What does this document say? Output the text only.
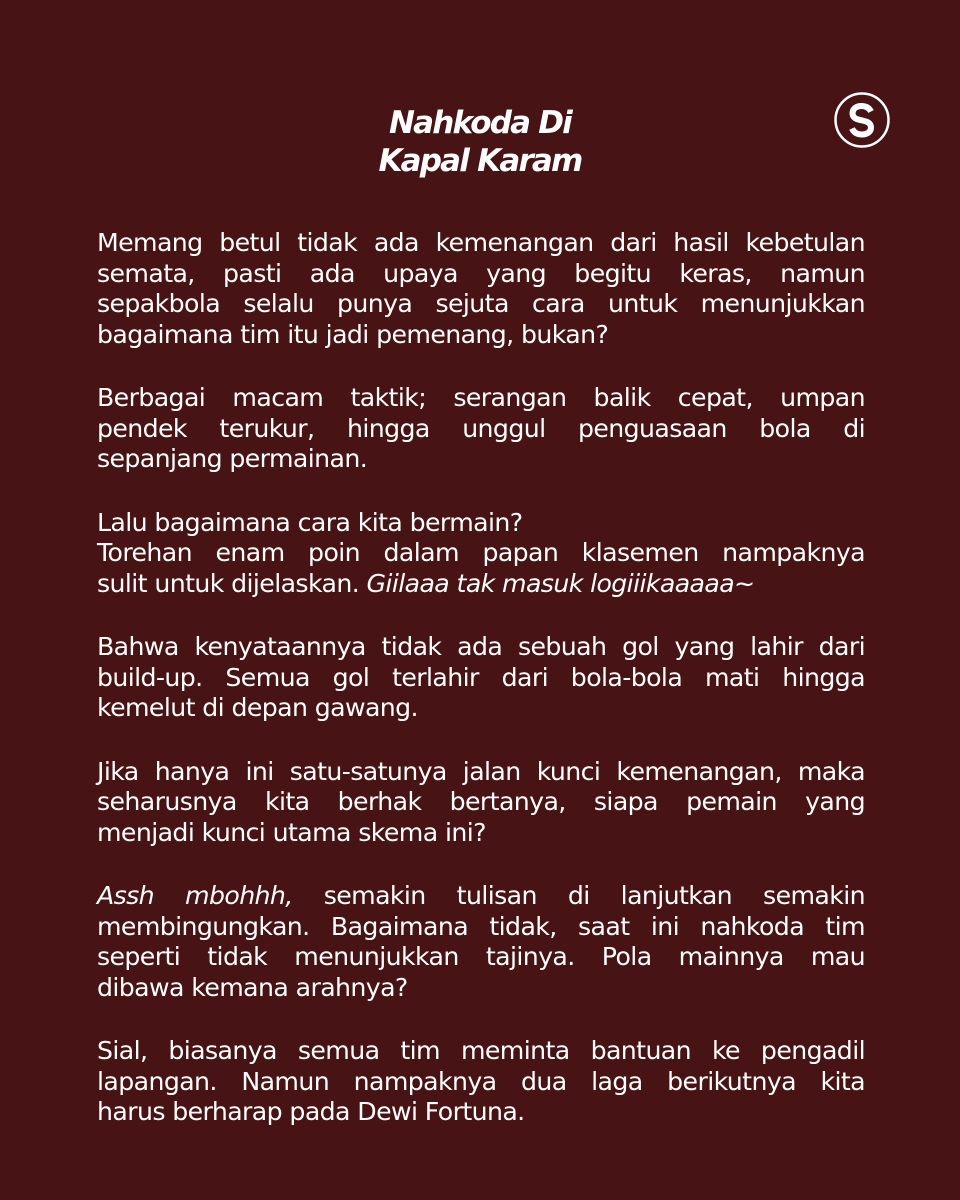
Nahkoda Di
Kapal Karam

Memang betul tidak ada kemenangan dari hasil kebetulan
semata, pasti ada upaya yang begitu keras, namun
sepakbola selalu punya sejuta cara untuk menunjukkan
bagaimana tim itu jadi pemenang, bukan?

Berbagai macam taktik; serangan balik cepat, umpan
pendek terukur, hingga unggul penguasaan bola di
sepanjang permainan.

Lalu bagaimana cara kita bermain?
Torehan enam poin dalam papan klasemen nampaknya
sulit untuk dijelaskan. Giilaaa tak masuk logiiikaaaaa~

Bahwa kenyataannya tidak ada sebuah gol yang lahir dari
build-up. Semua gol terlahir dari bola-bola mati hingga
kemelut di depan gawang.

Jika hanya ini satu-satunya jalan kunci kemenangan, maka
seharusnya kita berhak bertanya, siapa pemain yang
menjadi kunci utama skema ini?

Assh mbohhh, semakin tulisan di lanjutkan semakin
membingungkan. Bagaimana tidak, saat ini nahkoda tim
seperti tidak menunjukkan tajinya. Pola mainnya mau
dibawa kemana arahnya?

Sial, biasanya semua tim meminta bantuan ke pengadil
lapangan. Namun nampaknya dua laga berikutnya kita
harus berharap pada Dewi Fortuna.
